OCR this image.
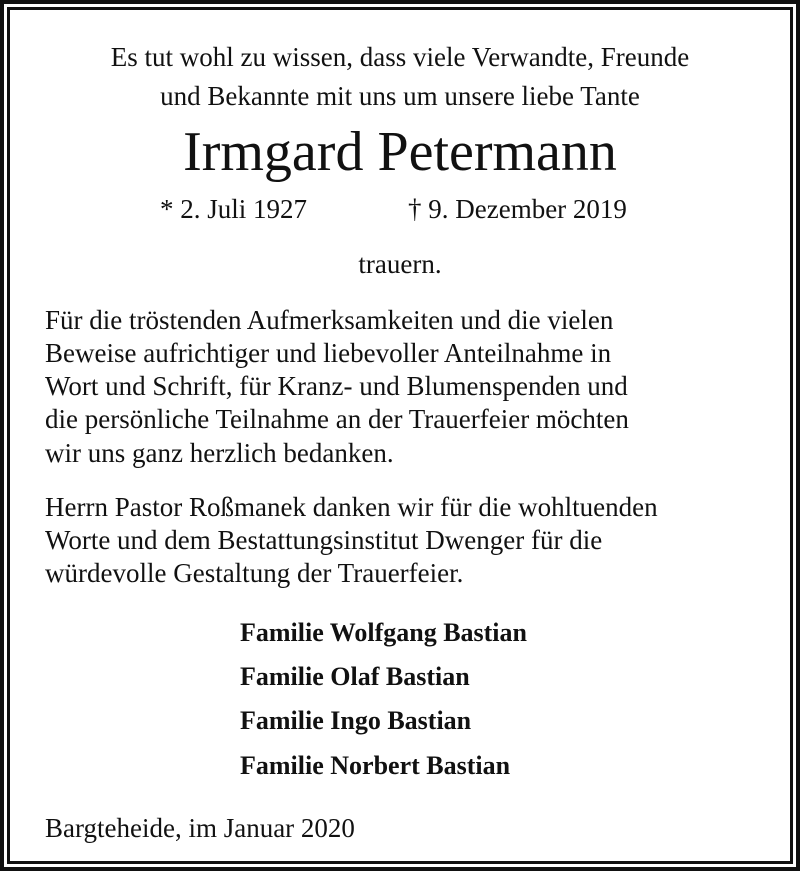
Es tut wohl zu wissen, dass viele Verwandte, Freunde
und Bekannte mit uns um unsere liebe Tante
Irmgard Petermann
* 2. Juli 1927	† 9. Dezember 2019
trauern.
Für die tröstenden Aufmerksamkeiten und die vielen
Beweise aufrichtiger und liebevoller Anteilnahme in
Wort und Schrift, für Kranz- und Blumenspenden und
die persönliche Teilnahme an der Trauerfeier möchten
wir uns ganz herzlich bedanken.
Herrn Pastor Roßmanek danken wir für die wohltuenden
Worte und dem Bestattungsinstitut Dwenger für die
würdevolle Gestaltung der Trauerfeier.
Familie Wolfgang Bastian
Familie Olaf Bastian
Familie Ingo Bastian
Familie Norbert Bastian
Bargteheide, im Januar 2020
